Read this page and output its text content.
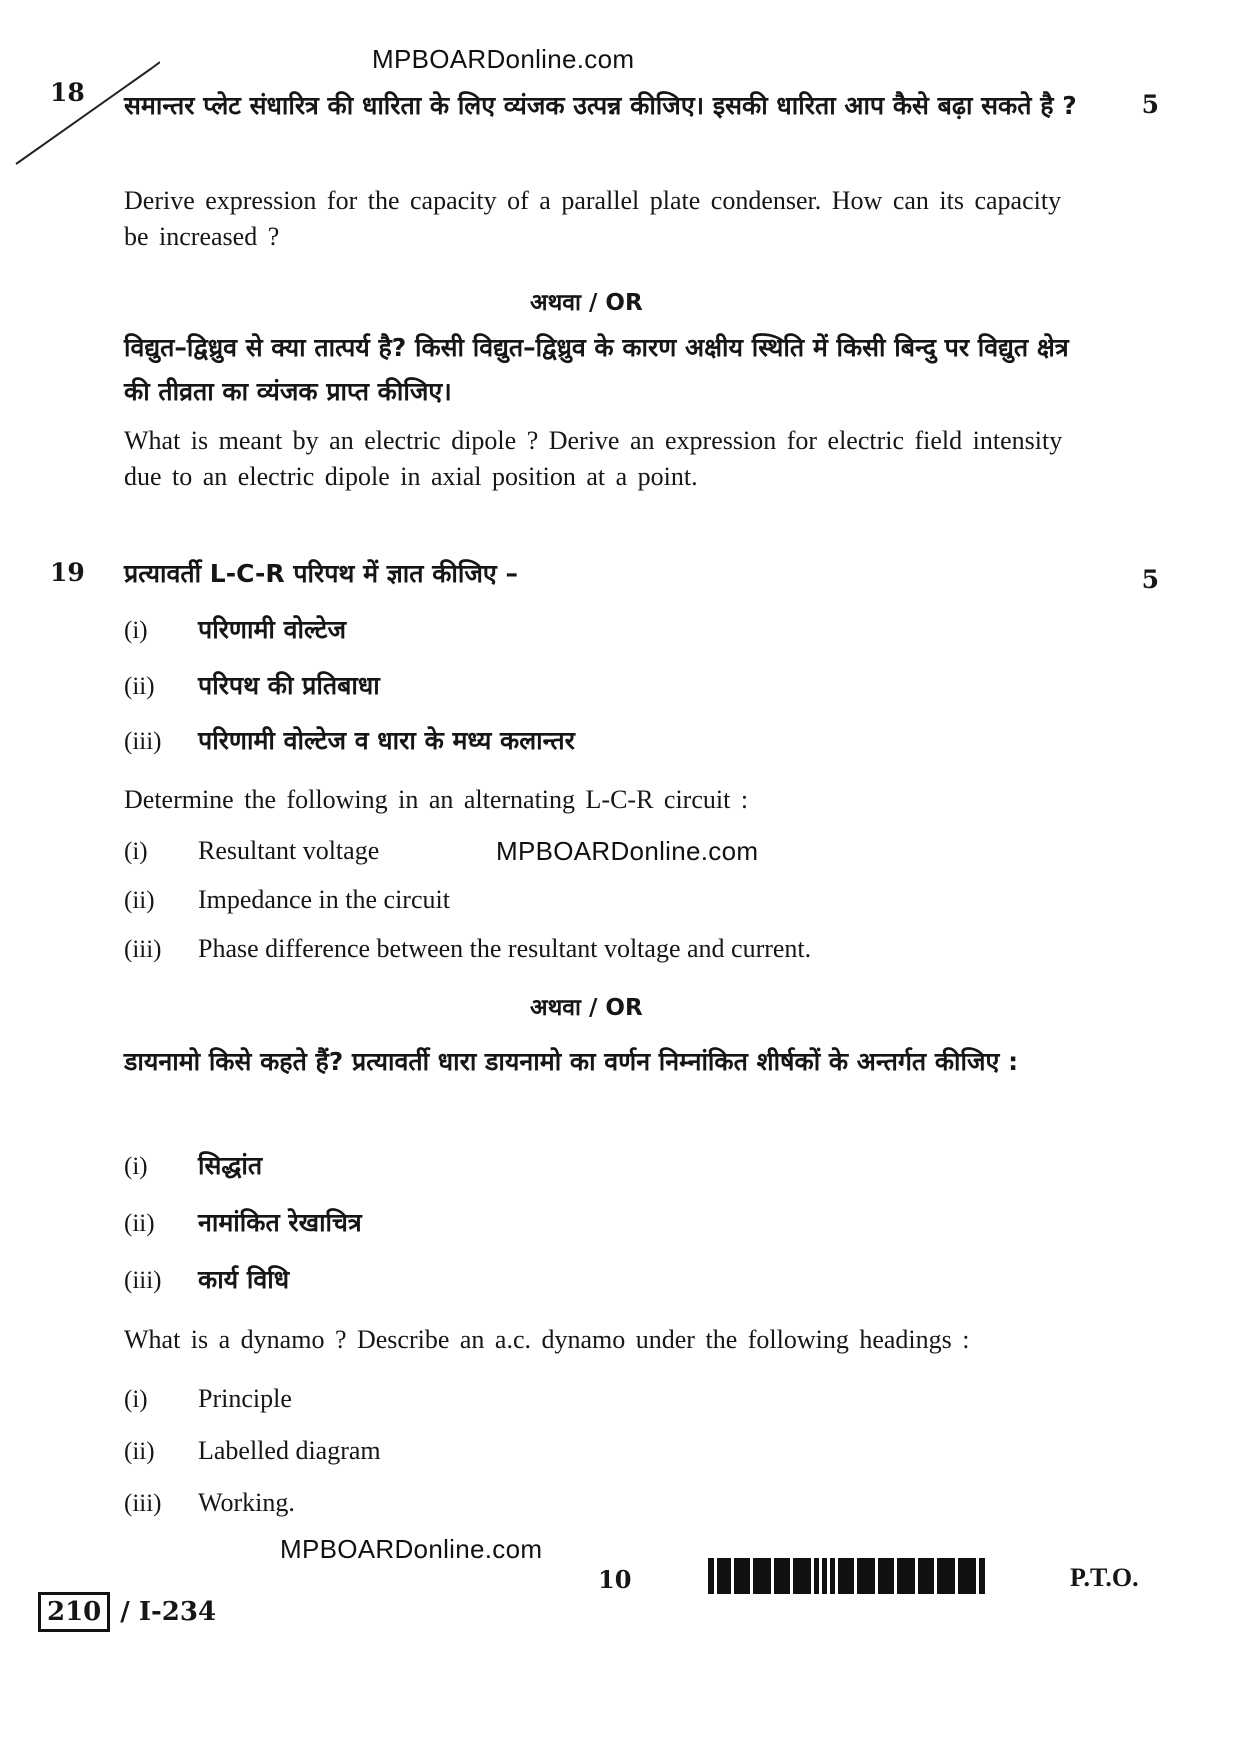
MPBOARDonline.com
18	5
समान्तर प्लेट संधारित्र की धारिता के लिए व्यंजक उत्पन्न कीजिए। इसकी धारिता आप कैसे बढ़ा सकते है ?
Derive expression for the capacity of a parallel plate condenser. How can its capacity be increased ?
अथवा / OR
विद्युत–द्विध्रुव से क्या तात्पर्य है? किसी विद्युत–द्विध्रुव के कारण अक्षीय स्थिति में किसी बिन्दु पर विद्युत क्षेत्र की तीव्रता का व्यंजक प्राप्त कीजिए।
What is meant by an electric dipole ? Derive an expression for electric field intensity due to an electric dipole in axial position at a point.
19	5
प्रत्यावर्ती L-C-R परिपथ में ज्ञात कीजिए –
(i) परिणामी वोल्टेज
(ii) परिपथ की प्रतिबाधा
(iii) परिणामी वोल्टेज व धारा के मध्य कलान्तर
Determine the following in an alternating L-C-R circuit :
(i) Resultant voltage	MPBOARDonline.com
(ii) Impedance in the circuit
(iii) Phase difference between the resultant voltage and current.
अथवा / OR
डायनामो किसे कहते हैं? प्रत्यावर्ती धारा डायनामो का वर्णन निम्नांकित शीर्षकों के अन्तर्गत कीजिए :
(i) सिद्धांत
(ii) नामांकित रेखाचित्र
(iii) कार्य विधि
What is a dynamo ? Describe an a.c. dynamo under the following headings :
(i) Principle
(ii) Labelled diagram
(iii) Working.
MPBOARDonline.com
10	P.T.O.
210 / I-234
